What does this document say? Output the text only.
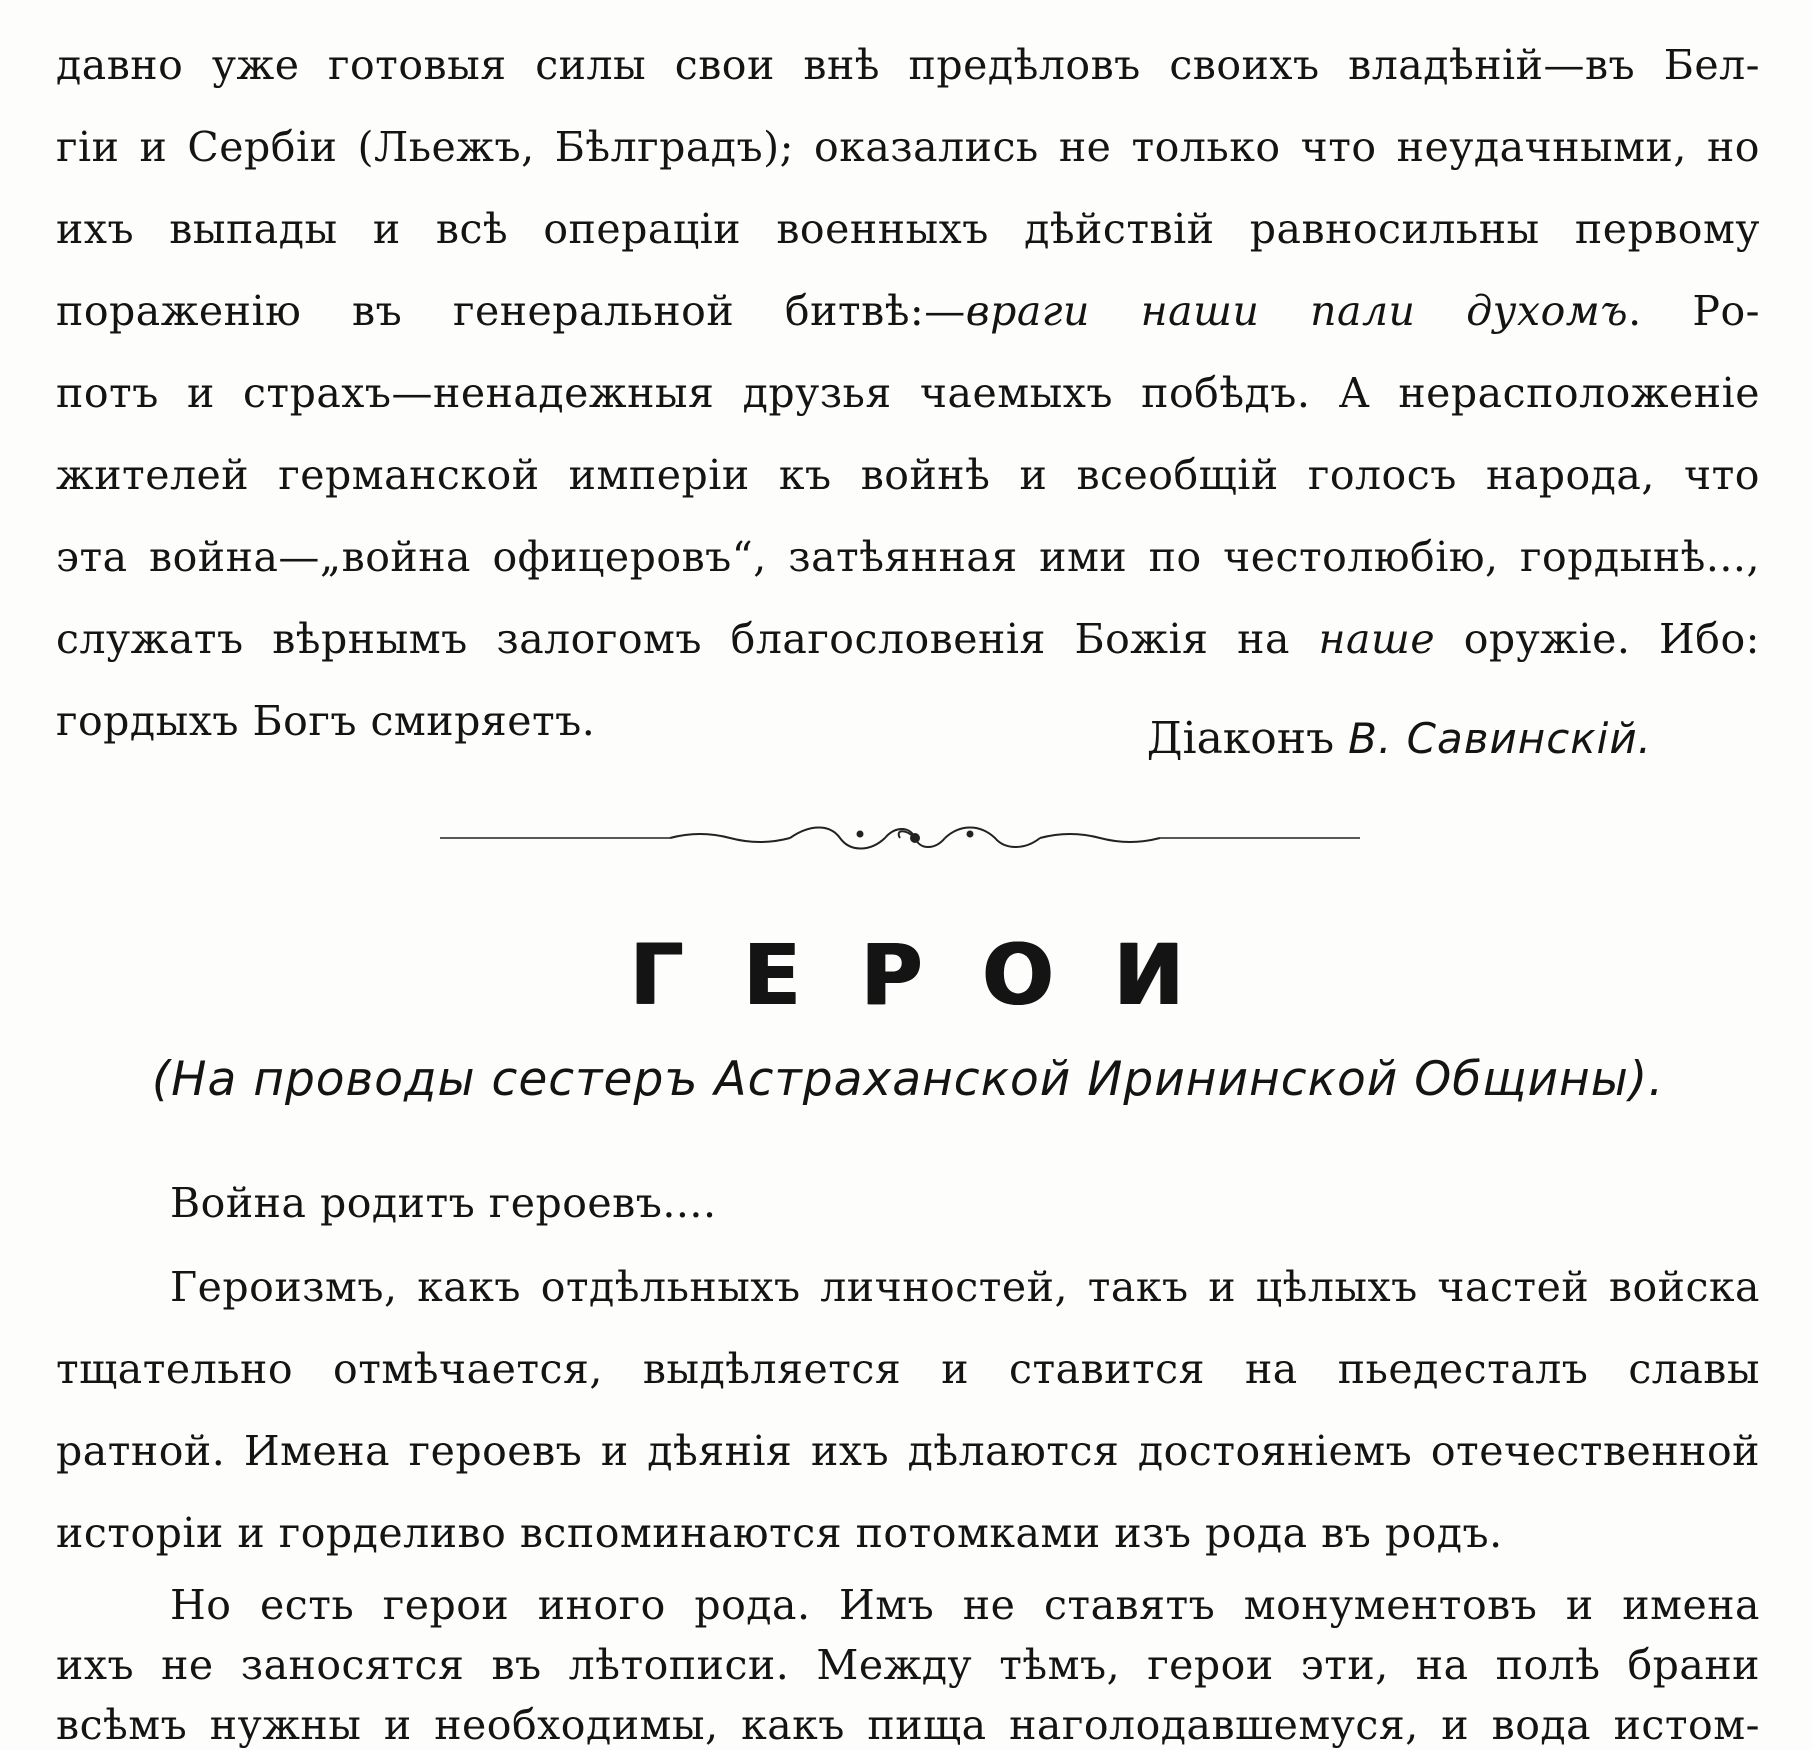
давно уже готовыя силы свои внѣ предѣловъ своихъ владѣній—въ Бел-
гіи и Сербіи (Льежъ, Бѣлградъ); оказались не только что неудачными, но
ихъ выпады и всѣ операціи военныхъ дѣйствій равносильны первому
пораженію въ генеральной битвѣ:—враги наши пали духомъ. Ро-
потъ и страхъ—ненадежныя друзья чаемыхъ побѣдъ. А нерасположеніе
жителей германской имперіи къ войнѣ и всеобщій голосъ народа, что
эта война—„война офицеровъ“, затѣянная ими по честолюбію, гордынѣ...,
служатъ вѣрнымъ залогомъ благословенія Божія на наше оружіе. Ибо:
гордыхъ Богъ смиряетъ.	Діаконъ В. Савинскій.
ГЕРОИ
(На проводы сестеръ Астраханской Ирининской Общины).
Война родитъ героевъ....
Героизмъ, какъ отдѣльныхъ личностей, такъ и цѣлыхъ частей войска
тщательно отмѣчается, выдѣляется и ставится на пьедесталъ славы
ратной. Имена героевъ и дѣянія ихъ дѣлаются достояніемъ отечественной
исторіи и горделиво вспоминаются потомками изъ рода въ родъ.
Но есть герои иного рода. Имъ не ставятъ монументовъ и имена
ихъ не заносятся въ лѣтописи. Между тѣмъ, герои эти, на полѣ брани
всѣмъ нужны и необходимы, какъ пища наголодавшемуся, и вода истом-
